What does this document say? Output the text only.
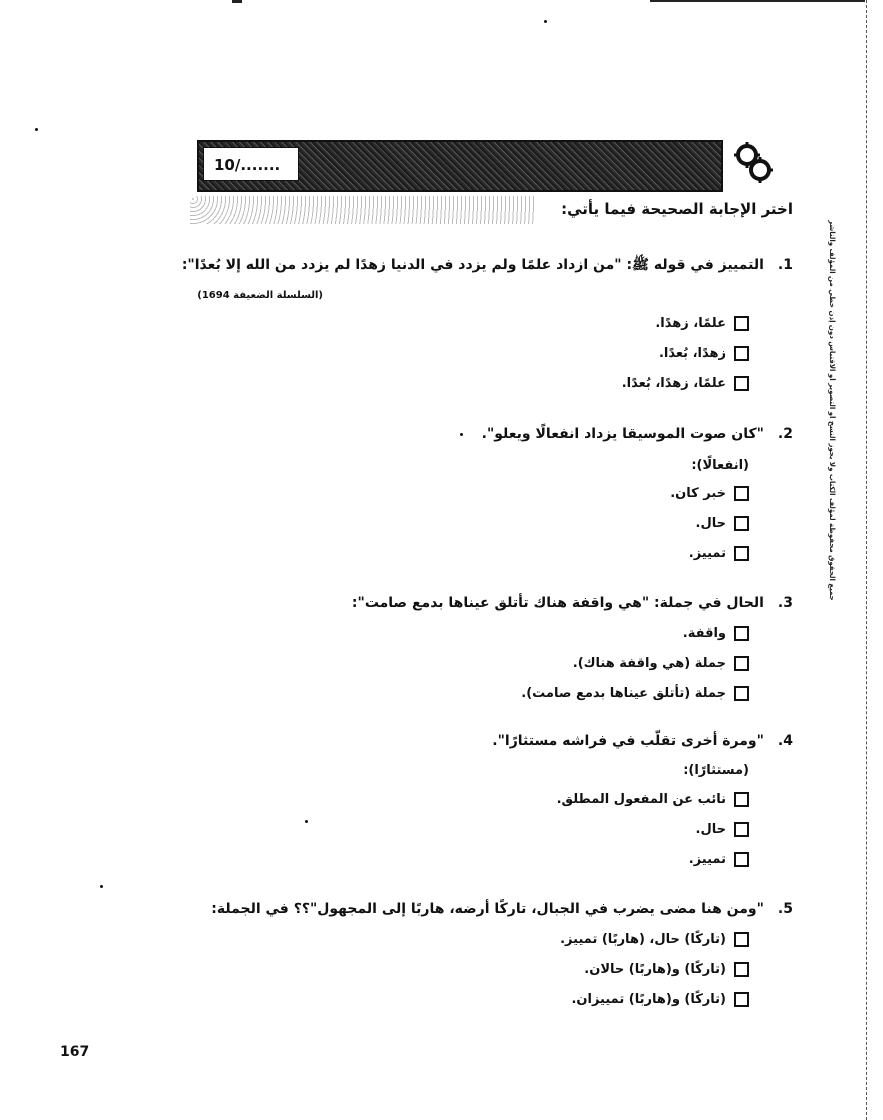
جميع الحقوق محفوظة لمؤلف الكتاب ولا يجوز النسخ أو التصوير أو الاقتباس دون إذن خطي من المؤلف والناشر
10/.......
اختر الإجابة الصحيحة فيما يأتي:
1.التمييز في قوله ﷺ: "من ازداد علمًا ولم يزدد في الدنيا زهدًا لم يزدد من الله إلا بُعدًا":
(السلسلة الضعيفة 1694)
علمًا، زهدًا.
زهدًا، بُعدًا.
علمًا، زهدًا، بُعدًا.
2."كان صوت الموسيقا يزداد انفعالًا ويعلو".
(انفعالًا):
خبر كان.
حال.
تمييز.
3.الحال في جملة: "هي واقفة هناك تأتلق عيناها بدمع صامت":
واقفة.
جملة (هي واقفة هناك).
جملة (تأتلق عيناها بدمع صامت).
4."ومرة أخرى تقلّب في فراشه مستثارًا".
(مستثارًا):
نائب عن المفعول المطلق.
حال.
تمييز.
5."ومن هنا مضى يضرب في الجبال، تاركًا أرضه، هاربًا إلى المجهول"؟؟ في الجملة:
(تاركًا) حال، (هاربًا) تمييز.
(تاركًا) و(هاربًا) حالان.
(تاركًا) و(هاربًا) تمييزان.
167
